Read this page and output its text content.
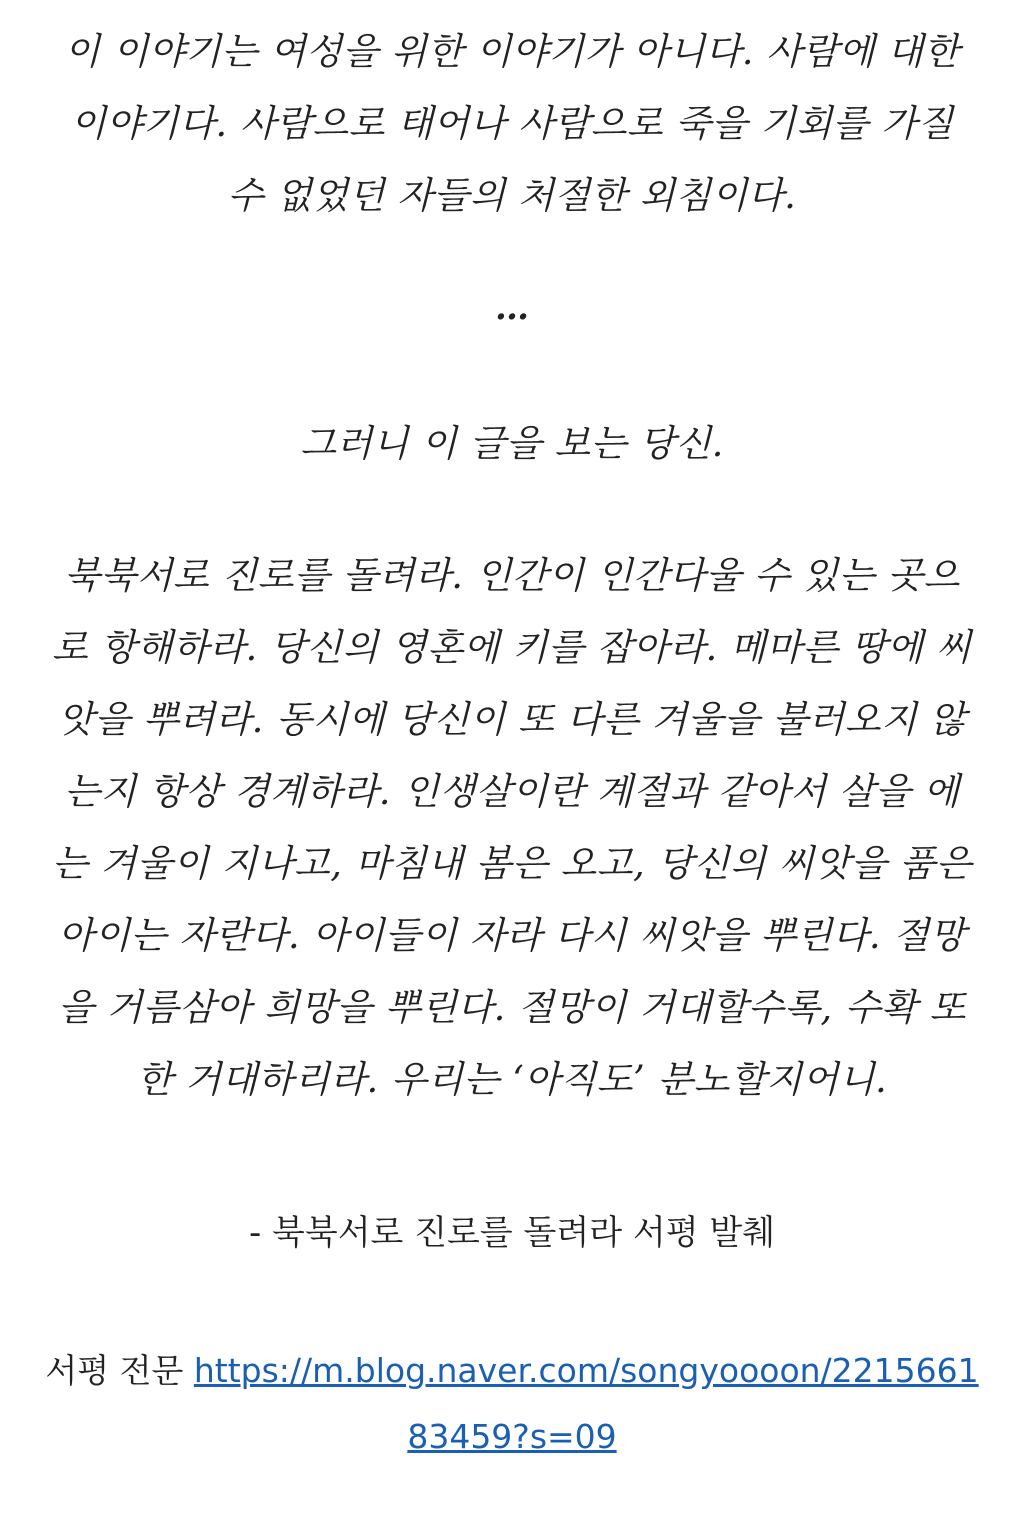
이 이야기는 여성을 위한 이야기가 아니다. 사람에 대한 이야기다. 사람으로 태어나 사람으로 죽을 기회를 가질 수 없었던 자들의 처절한 외침이다.

…

그러니 이 글을 보는 당신.

북북서로 진로를 돌려라. 인간이 인간다울 수 있는 곳으로 항해하라. 당신의 영혼에 키를 잡아라. 메마른 땅에 씨앗을 뿌려라. 동시에 당신이 또 다른 겨울을 불러오지 않는지 항상 경계하라. 인생살이란 계절과 같아서 살을 에는 겨울이 지나고, 마침내 봄은 오고, 당신의 씨앗을 품은 아이는 자란다. 아이들이 자라 다시 씨앗을 뿌린다. 절망을 거름삼아 희망을 뿌린다. 절망이 거대할수록, 수확 또한 거대하리라. 우리는 ‘아직도’ 분노할지어니.

- 북북서로 진로를 돌려라 서평 발췌
서평 전문 https://m.blog.naver.com/songyoooon/221566183459?s=09
